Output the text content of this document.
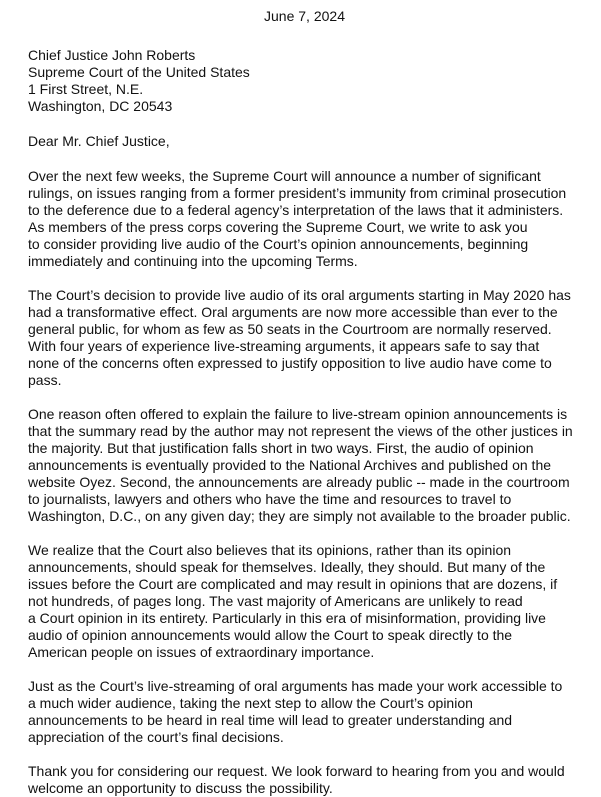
June 7, 2024
Chief Justice John Roberts
Supreme Court of the United States
1 First Street, N.E.
Washington, DC 20543
Dear Mr. Chief Justice,
Over the next few weeks, the Supreme Court will announce a number of significant
rulings, on issues ranging from a former president’s immunity from criminal prosecution
to the deference due to a federal agency’s interpretation of the laws that it administers.
As members of the press corps covering the Supreme Court, we write to ask you
to consider providing live audio of the Court’s opinion announcements, beginning
immediately and continuing into the upcoming Terms.
The Court’s decision to provide live audio of its oral arguments starting in May 2020 has
had a transformative effect. Oral arguments are now more accessible than ever to the
general public, for whom as few as 50 seats in the Courtroom are normally reserved.
With four years of experience live-streaming arguments, it appears safe to say that
none of the concerns often expressed to justify opposition to live audio have come to
pass.
One reason often offered to explain the failure to live-stream opinion announcements is
that the summary read by the author may not represent the views of the other justices in
the majority. But that justification falls short in two ways. First, the audio of opinion
announcements is eventually provided to the National Archives and published on the
website Oyez. Second, the announcements are already public -- made in the courtroom
to journalists, lawyers and others who have the time and resources to travel to
Washington, D.C., on any given day; they are simply not available to the broader public.
We realize that the Court also believes that its opinions, rather than its opinion
announcements, should speak for themselves. Ideally, they should. But many of the
issues before the Court are complicated and may result in opinions that are dozens, if
not hundreds, of pages long. The vast majority of Americans are unlikely to read
a Court opinion in its entirety. Particularly in this era of misinformation, providing live
audio of opinion announcements would allow the Court to speak directly to the
American people on issues of extraordinary importance.
Just as the Court’s live-streaming of oral arguments has made your work accessible to
a much wider audience, taking the next step to allow the Court’s opinion
announcements to be heard in real time will lead to greater understanding and
appreciation of the court’s final decisions.
Thank you for considering our request. We look forward to hearing from you and would
welcome an opportunity to discuss the possibility.
